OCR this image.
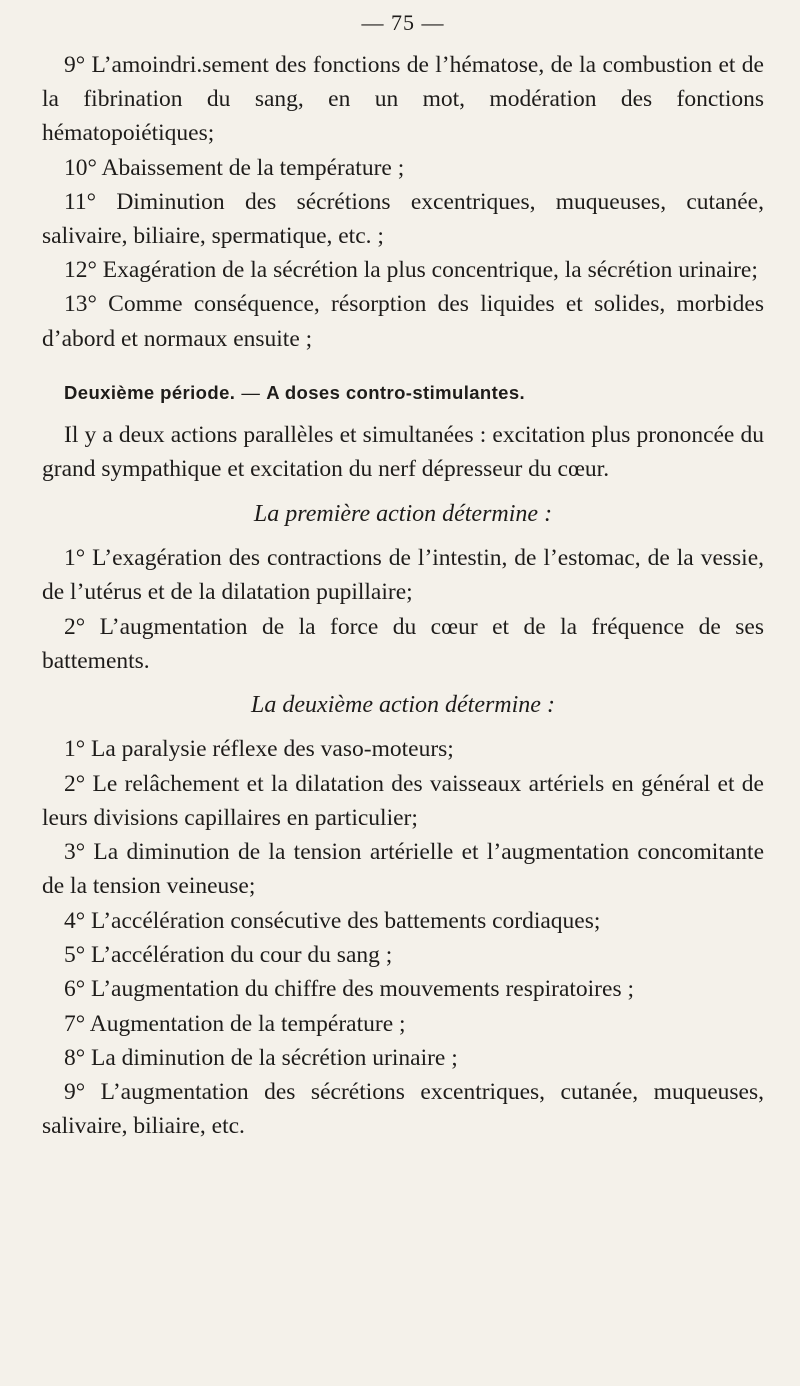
— 75 —

9° L’amoindri.sement des fonctions de l’hématose, de la combustion et de la fibrination du sang, en un mot, modération des fonctions hématopoiétiques;

10° Abaissement de la température ;

11° Diminution des sécrétions excentriques, muqueuses, cutanée, salivaire, biliaire, spermatique, etc. ;

12° Exagération de la sécrétion la plus concentrique, la sécrétion urinaire;

13° Comme conséquence, résorption des liquides et solides, morbides d’abord et normaux ensuite ;

Deuxième période. — A doses contro-stimulantes.

Il y a deux actions parallèles et simultanées : excitation plus prononcée du grand sympathique et excitation du nerf dépresseur du cœur.

La première action détermine :

1° L’exagération des contractions de l’intestin, de l’estomac, de la vessie, de l’utérus et de la dilatation pupillaire;

2° L’augmentation de la force du cœur et de la fréquence de ses battements.

La deuxième action détermine :

1° La paralysie réflexe des vaso-moteurs;

2° Le relâchement et la dilatation des vaisseaux artériels en général et de leurs divisions capillaires en particulier;

3° La diminution de la tension artérielle et l’augmentation concomitante de la tension veineuse;

4° L’accélération consécutive des battements cordiaques;

5° L’accélération du cour du sang ;

6° L’augmentation du chiffre des mouvements respiratoires ;

7° Augmentation de la température ;

8° La diminution de la sécrétion urinaire ;

9° L’augmentation des sécrétions excentriques, cutanée, muqueuses, salivaire, biliaire, etc.
